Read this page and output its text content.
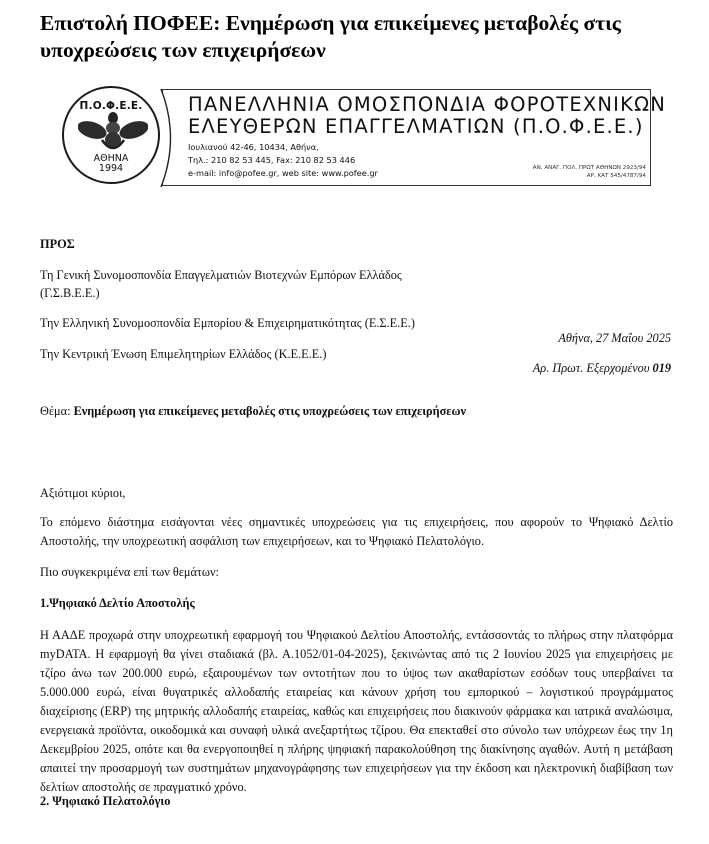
Επιστολή ΠΟΦΕΕ: Ενημέρωση για επικείμενες μεταβολές στις υποχρεώσεις των επιχειρήσεων
Π.Ο.Φ.Ε.Ε.
ΑΘΗΝΑ
1994
ΠΑΝΕΛΛΗΝΙΑ ΟΜΟΣΠΟΝΔΙΑ ΦΟΡΟΤΕΧΝΙΚΩΝ
ΕΛΕΥΘΕΡΩΝ ΕΠΑΓΓΕΛΜΑΤΙΩΝ (Π.Ο.Φ.Ε.Ε.)
Ιουλιανού 42-46, 10434, Αθήνα,
Τηλ.: 210 82 53 445, Fax: 210 82 53 446
e-mail: info@pofee.gr, web site: www.pofee.gr	ΑΝ. ΑΝΑΓ. ΠΟΛ. ΠΡΩΤ ΑΘΗΝΩΝ 2923/94
ΑΡ. ΚΑΤ 545/4787/94
ΠΡΟΣ
Τη Γενική Συνομοσπονδία Επαγγελματιών Βιοτεχνών Εμπόρων Ελλάδος
(Γ.Σ.Β.Ε.Ε.)
Την Ελληνική Συνομοσπονδία Εμπορίου & Επιχειρηματικότητας (Ε.Σ.Ε.Ε.)
Την Κεντρική Ένωση Επιμελητηρίων Ελλάδος (Κ.Ε.Ε.Ε.)
Αθήνα, 27 Μαΐου 2025
Αρ. Πρωτ. Εξερχομένου 019
Θέμα: Ενημέρωση για επικείμενες μεταβολές στις υποχρεώσεις των επιχειρήσεων
Αξιότιμοι κύριοι,

Το επόμενο διάστημα εισάγονται νέες σημαντικές υποχρεώσεις για τις επιχειρήσεις, που αφορούν το Ψηφιακό Δελτίο Αποστολής, την υποχρεωτική ασφάλιση των επιχειρήσεων, και το Ψηφιακό Πελατολόγιο.

Πιο συγκεκριμένα επί των θεμάτων:
1.Ψηφιακό Δελτίο Αποστολής

Η ΑΑΔΕ προχωρά στην υποχρεωτική εφαρμογή του Ψηφιακού Δελτίου Αποστολής, εντάσσοντάς το πλήρως στην πλατφόρμα myDATA. Η εφαρμογή θα γίνει σταδιακά (βλ. Α.1052/01-04-2025), ξεκινώντας από τις 2 Ιουνίου 2025 για επιχειρήσεις με τζίρο άνω των 200.000 ευρώ, εξαιρουμένων των οντοτήτων που το ύψος των ακαθαρίστων εσόδων τους υπερβαίνει τα 5.000.000 ευρώ, είναι θυγατρικές αλλοδαπής εταιρείας και κάνουν χρήση του εμπορικού – λογιστικού προγράμματος διαχείρισης (ERP) της μητρικής αλλοδαπής εταιρείας, καθώς και επιχειρήσεις που διακινούν φάρμακα και ιατρικά αναλώσιμα, ενεργειακά προϊόντα, οικοδομικά και συναφή υλικά ανεξαρτήτως τζίρου. Θα επεκταθεί στο σύνολο των υπόχρεων έως την 1η Δεκεμβρίου 2025, οπότε και θα ενεργοποιηθεί η πλήρης ψηφιακή παρακολούθηση της διακίνησης αγαθών. Αυτή η μετάβαση απαιτεί την προσαρμογή των συστημάτων μηχανογράφησης των επιχειρήσεων για την έκδοση και ηλεκτρονική διαβίβαση των δελτίων αποστολής σε πραγματικό χρόνο.

2. Ψηφιακό Πελατολόγιο
